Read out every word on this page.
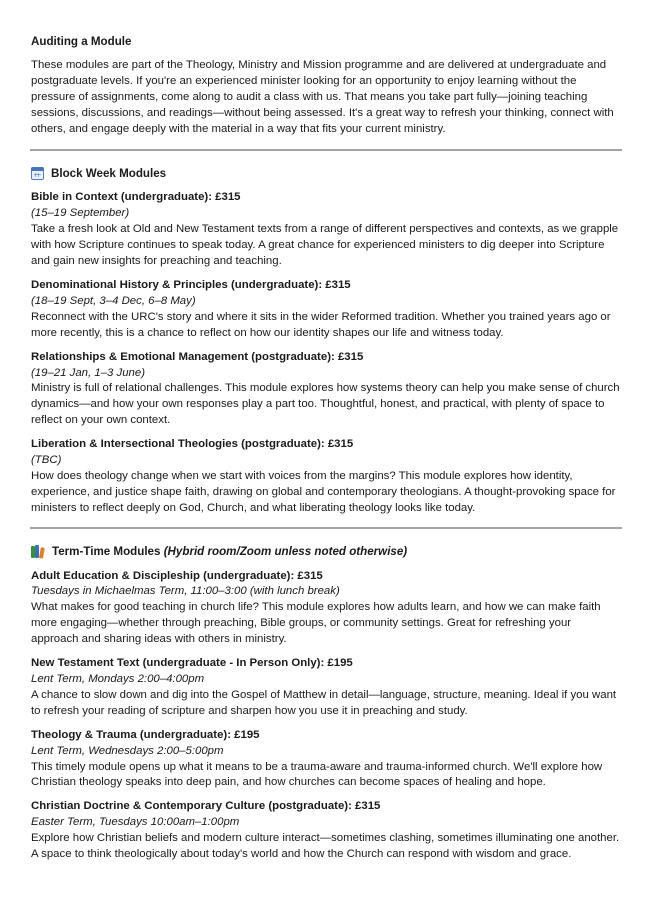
Auditing a Module

These modules are part of the Theology, Ministry and Mission programme and are delivered at undergraduate and postgraduate levels. If you're an experienced minister looking for an opportunity to enjoy learning without the pressure of assignments, come along to audit a class with us. That means you take part fully—joining teaching sessions, discussions, and readings—without being assessed. It's a great way to refresh your thinking, connect with others, and engage deeply with the material in a way that fits your current ministry.

Block Week Modules
Bible in Context (undergraduate): £315
(15–19 September)
Take a fresh look at Old and New Testament texts from a range of different perspectives and contexts, as we grapple with how Scripture continues to speak today. A great chance for experienced ministers to dig deeper into Scripture and gain new insights for preaching and teaching.
Denominational History & Principles (undergraduate): £315
(18–19 Sept, 3–4 Dec, 6–8 May)
Reconnect with the URC's story and where it sits in the wider Reformed tradition. Whether you trained years ago or more recently, this is a chance to reflect on how our identity shapes our life and witness today.
Relationships & Emotional Management (postgraduate): £315
(19–21 Jan, 1–3 June)
Ministry is full of relational challenges. This module explores how systems theory can help you make sense of church dynamics—and how your own responses play a part too. Thoughtful, honest, and practical, with plenty of space to reflect on your own context.
Liberation & Intersectional Theologies (postgraduate): £315
(TBC)
How does theology change when we start with voices from the margins? This module explores how identity, experience, and justice shape faith, drawing on global and contemporary theologians. A thought-provoking space for ministers to reflect deeply on God, Church, and what liberating theology looks like today.
Term-Time Modules (Hybrid room/Zoom unless noted otherwise)
Adult Education & Discipleship (undergraduate): £315
Tuesdays in Michaelmas Term, 11:00–3:00 (with lunch break)
What makes for good teaching in church life? This module explores how adults learn, and how we can make faith more engaging—whether through preaching, Bible groups, or community settings. Great for refreshing your approach and sharing ideas with others in ministry.
New Testament Text (undergraduate - In Person Only): £195
Lent Term, Mondays 2:00–4:00pm
A chance to slow down and dig into the Gospel of Matthew in detail—language, structure, meaning. Ideal if you want to refresh your reading of scripture and sharpen how you use it in preaching and study.
Theology & Trauma (undergraduate): £195
Lent Term, Wednesdays 2:00–5:00pm
This timely module opens up what it means to be a trauma-aware and trauma-informed church. We'll explore how Christian theology speaks into deep pain, and how churches can become spaces of healing and hope.
Christian Doctrine & Contemporary Culture (postgraduate): £315
Easter Term, Tuesdays 10:00am–1:00pm
Explore how Christian beliefs and modern culture interact—sometimes clashing, sometimes illuminating one another. A space to think theologically about today's world and how the Church can respond with wisdom and grace.
